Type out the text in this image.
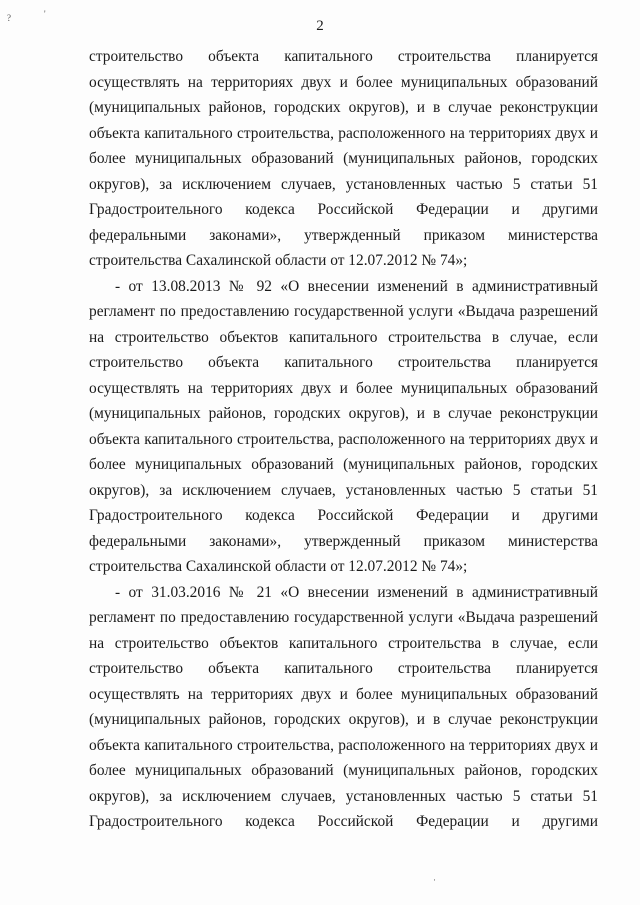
?	'
·
2
строительство объекта капитального строительства планируется
осуществлять на территориях двух и более муниципальных образований
(муниципальных районов, городских округов), и в случае реконструкции
объекта капитального строительства, расположенного на территориях двух и
более муниципальных образований (муниципальных районов, городских
округов), за исключением случаев, установленных частью 5 статьи 51
Градостроительного кодекса Российской Федерации и другими
федеральными законами», утвержденный приказом министерства
строительства Сахалинской области от 12.07.2012 № 74»;
- от 13.08.2013 № 92 «О внесении изменений в административный
регламент по предоставлению государственной услуги «Выдача разрешений
на строительство объектов капитального строительства в случае, если
строительство объекта капитального строительства планируется
осуществлять на территориях двух и более муниципальных образований
(муниципальных районов, городских округов), и в случае реконструкции
объекта капитального строительства, расположенного на территориях двух и
более муниципальных образований (муниципальных районов, городских
округов), за исключением случаев, установленных частью 5 статьи 51
Градостроительного кодекса Российской Федерации и другими
федеральными законами», утвержденный приказом министерства
строительства Сахалинской области от 12.07.2012 № 74»;
- от 31.03.2016 № 21 «О внесении изменений в административный
регламент по предоставлению государственной услуги «Выдача разрешений
на строительство объектов капитального строительства в случае, если
строительство объекта капитального строительства планируется
осуществлять на территориях двух и более муниципальных образований
(муниципальных районов, городских округов), и в случае реконструкции
объекта капитального строительства, расположенного на территориях двух и
более муниципальных образований (муниципальных районов, городских
округов), за исключением случаев, установленных частью 5 статьи 51
Градостроительного кодекса Российской Федерации и другими
